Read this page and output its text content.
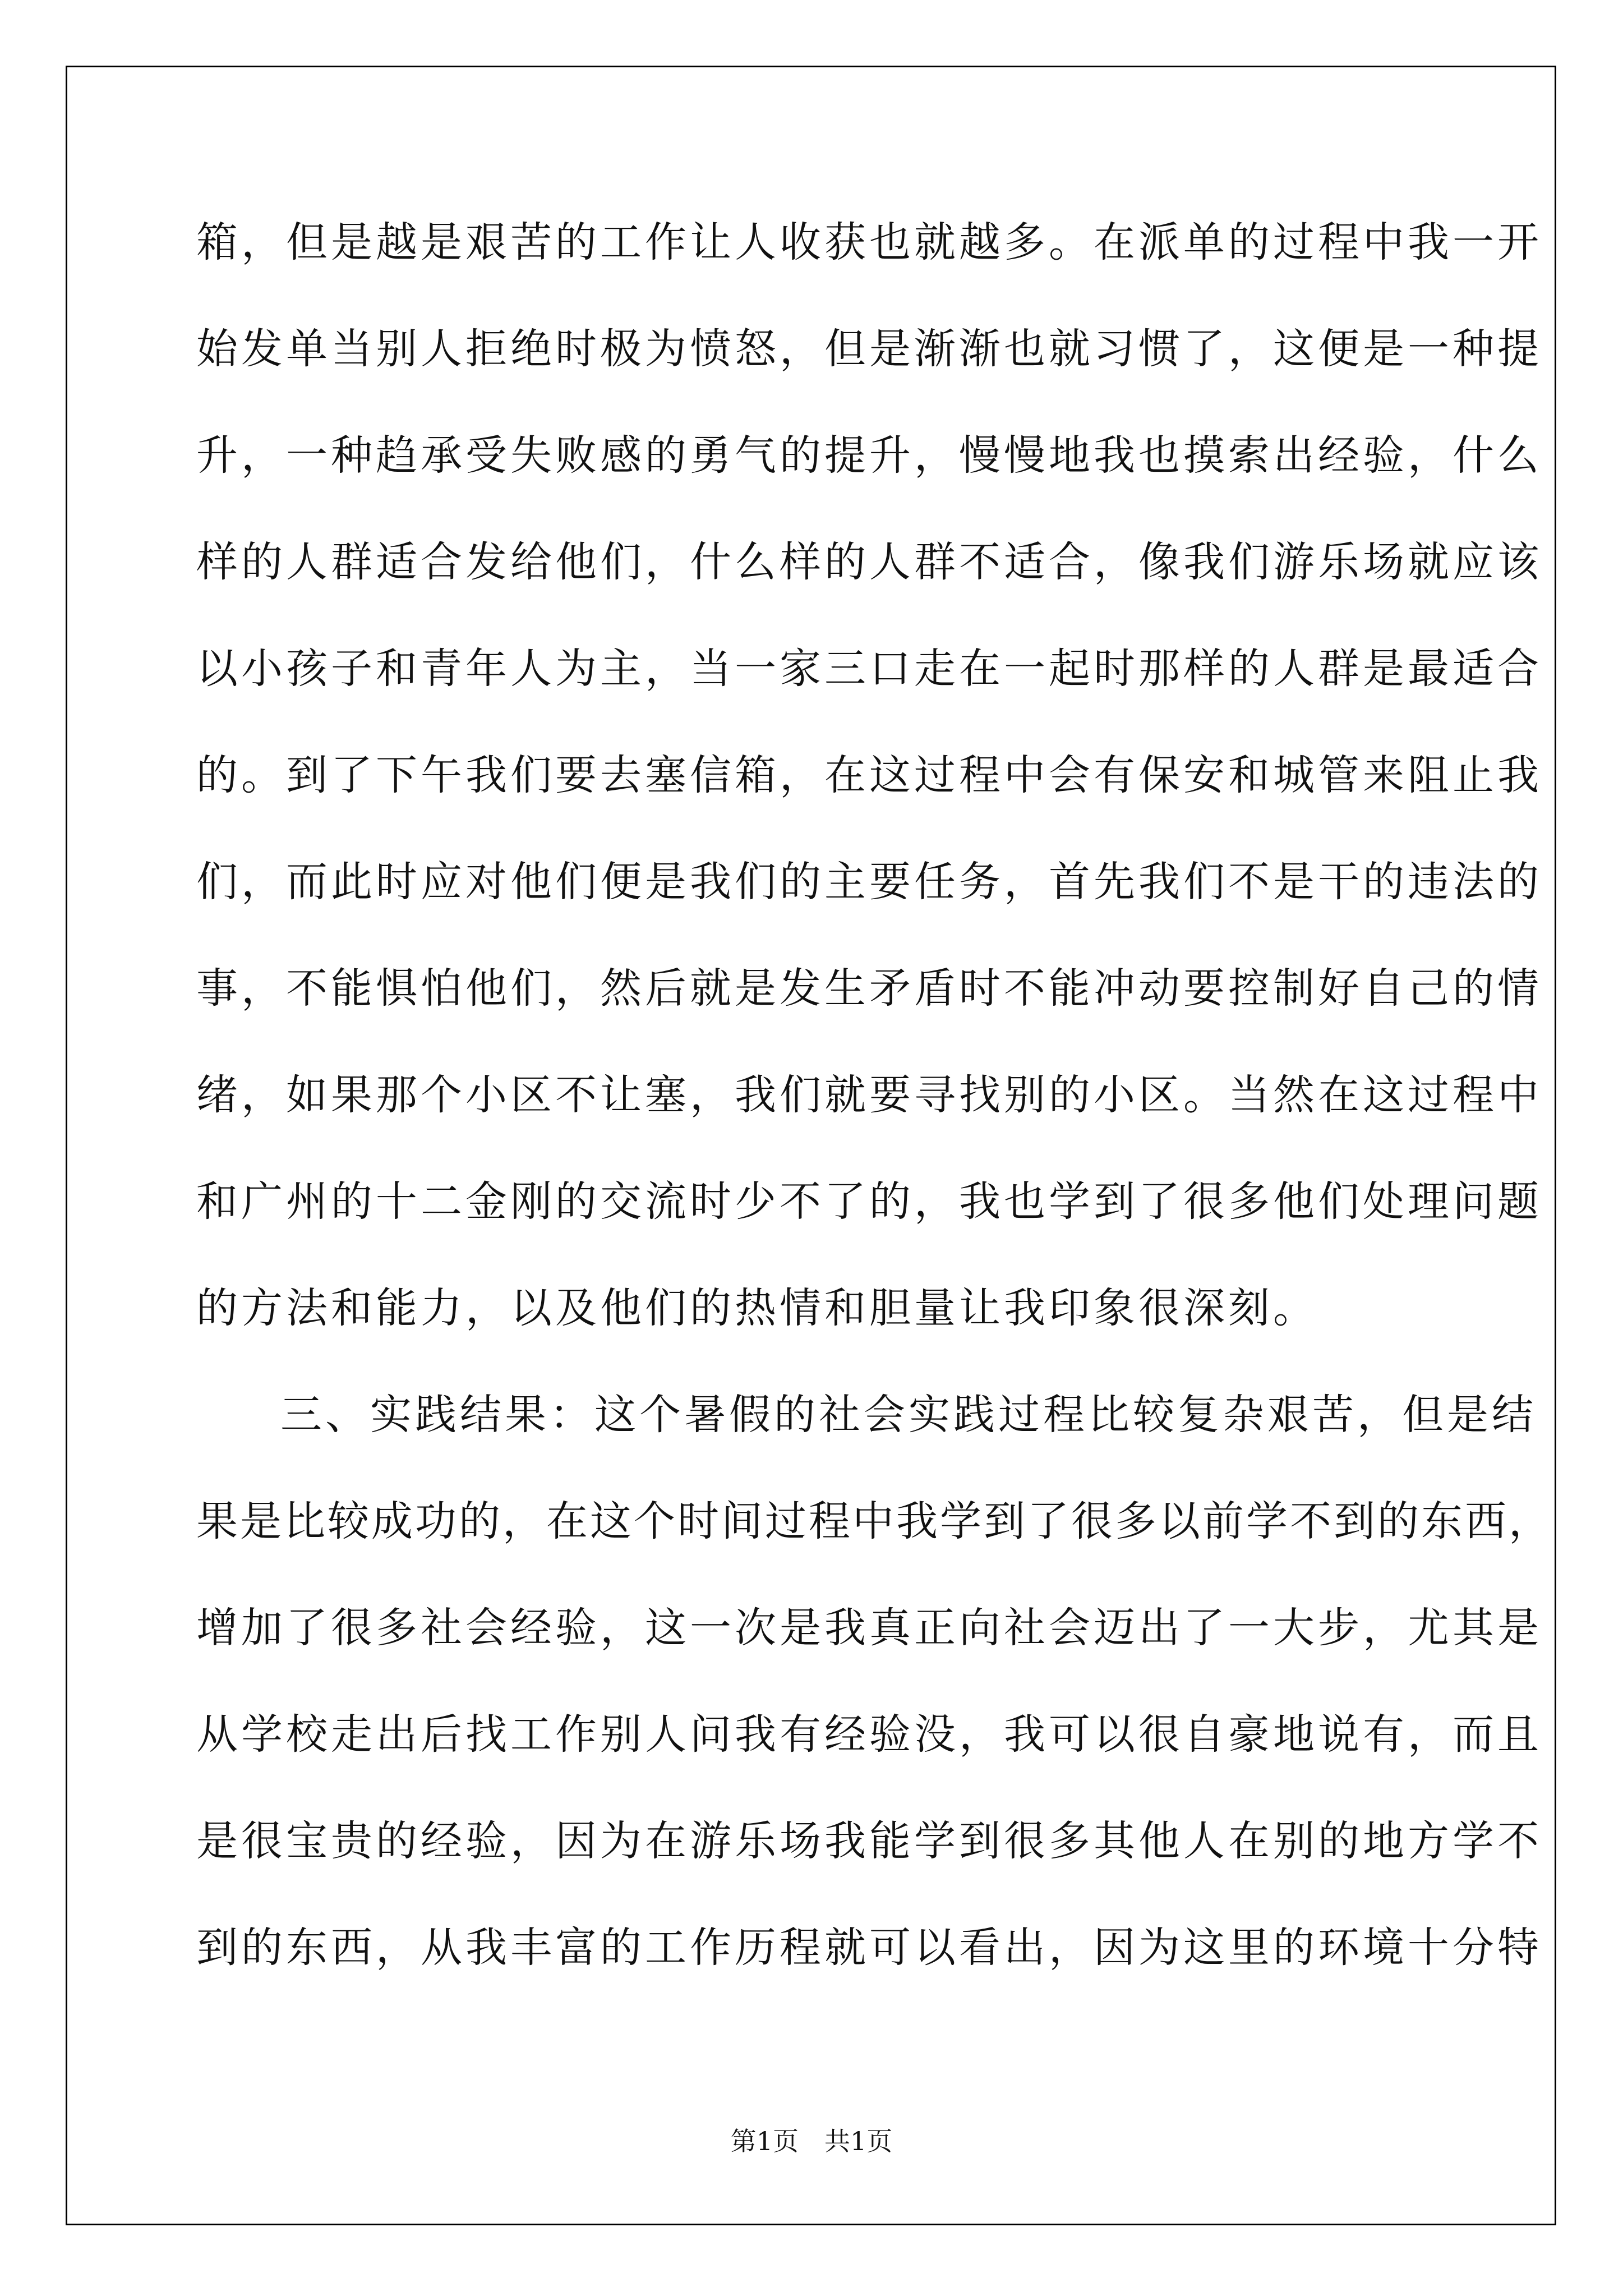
箱，但是越是艰苦的工作让人收获也就越多。在派单的过程中我一开
始发单当别人拒绝时极为愤怒，但是渐渐也就习惯了，这便是一种提
升，一种趋承受失败感的勇气的提升，慢慢地我也摸索出经验，什么
样的人群适合发给他们，什么样的人群不适合，像我们游乐场就应该
以小孩子和青年人为主，当一家三口走在一起时那样的人群是最适合
的。到了下午我们要去塞信箱，在这过程中会有保安和城管来阻止我
们，而此时应对他们便是我们的主要任务，首先我们不是干的违法的
事，不能惧怕他们，然后就是发生矛盾时不能冲动要控制好自己的情
绪，如果那个小区不让塞，我们就要寻找别的小区。当然在这过程中
和广州的十二金刚的交流时少不了的，我也学到了很多他们处理问题
的方法和能力，以及他们的热情和胆量让我印象很深刻。
三、实践结果：这个暑假的社会实践过程比较复杂艰苦，但是结
果是比较成功的，在这个时间过程中我学到了很多以前学不到的东西，
增加了很多社会经验，这一次是我真正向社会迈出了一大步，尤其是
从学校走出后找工作别人问我有经验没，我可以很自豪地说有，而且
是很宝贵的经验，因为在游乐场我能学到很多其他人在别的地方学不
到的东西，从我丰富的工作历程就可以看出，因为这里的环境十分特
第1页 共1页
